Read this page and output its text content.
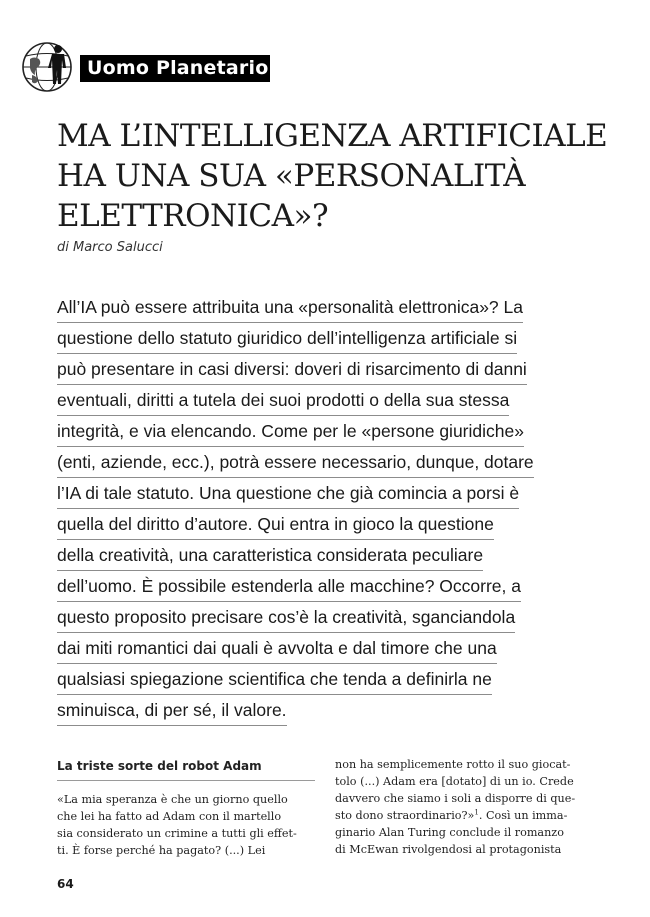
Uomo Planetario
MA L’INTELLIGENZA ARTIFICIALE
HA UNA SUA «PERSONALITÀ
ELETTRONICA»?
di Marco Salucci
All’IA può essere attribuita una «personalità elettronica»? La
questione dello statuto giuridico dell’intelligenza artificiale si
può presentare in casi diversi: doveri di risarcimento di danni
eventuali, diritti a tutela dei suoi prodotti o della sua stessa
integrità, e via elencando. Come per le «persone giuridiche»
(enti, aziende, ecc.), potrà essere necessario, dunque, dotare
l’IA di tale statuto. Una questione che già comincia a porsi è
quella del diritto d’autore. Qui entra in gioco la questione
della creatività, una caratteristica considerata peculiare
dell’uomo. È possibile estenderla alle macchine? Occorre, a
questo proposito precisare cos’è la creatività, sganciandola
dai miti romantici dai quali è avvolta e dal timore che una
qualsiasi spiegazione scientifica che tenda a definirla ne
sminuisca, di per sé, il valore.
La triste sorte del robot Adam
«La mia speranza è che un giorno quello
che lei ha fatto ad Adam con il martello
sia considerato un crimine a tutti gli effet-
ti. È forse perché ha pagato? (...) Lei
non ha semplicemente rotto il suo giocat-
tolo (...) Adam era [dotato] di un io. Crede
davvero che siamo i soli a disporre di que-
sto dono straordinario?»$^1$. Così un imma-
ginario Alan Turing conclude il romanzo
di McEwan rivolgendosi al protagonista
64
